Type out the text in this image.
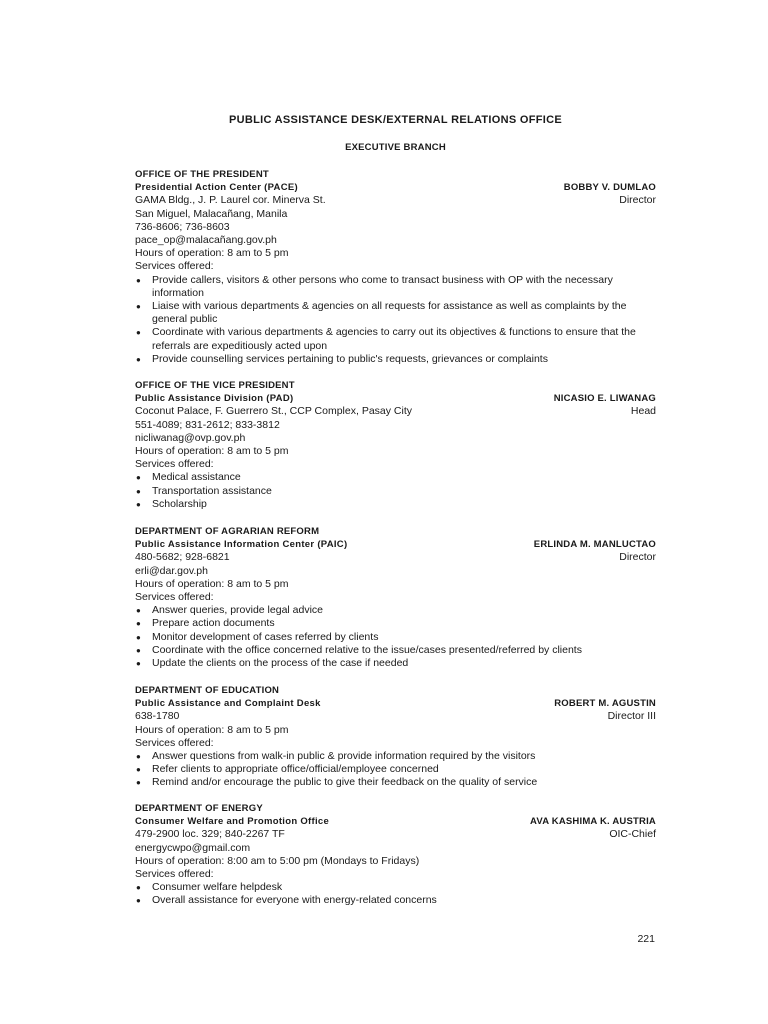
PUBLIC ASSISTANCE DESK/EXTERNAL RELATIONS OFFICE
EXECUTIVE BRANCH
OFFICE OF THE PRESIDENT
Presidential Action Center (PACE)	BOBBY V. DUMLAO
GAMA Bldg., J. P. Laurel cor. Minerva St.	Director
San Miguel, Malacañang, Manila
736-8606; 736-8603
pace_op@malacañang.gov.ph
Hours of operation: 8 am to 5 pm
Services offered:
● Provide callers, visitors & other persons who come to transact business with OP with the necessary information
● Liaise with various departments & agencies on all requests for assistance as well as complaints by the general public
● Coordinate with various departments & agencies to carry out its objectives & functions to ensure that the referrals are expeditiously acted upon
● Provide counselling services pertaining to public's requests, grievances or complaints
OFFICE OF THE VICE PRESIDENT
Public Assistance Division (PAD)	NICASIO E. LIWANAG
Coconut Palace, F. Guerrero St., CCP Complex, Pasay City	Head
551-4089; 831-2612; 833-3812
nicliwanag@ovp.gov.ph
Hours of operation: 8 am to 5 pm
Services offered:
● Medical assistance
● Transportation assistance
● Scholarship
DEPARTMENT OF AGRARIAN REFORM
Public Assistance Information Center (PAIC)	ERLINDA M. MANLUCTAO
480-5682; 928-6821	Director
erli@dar.gov.ph
Hours of operation: 8 am to 5 pm
Services offered:
● Answer queries, provide legal advice
● Prepare action documents
● Monitor development of cases referred by clients
● Coordinate with the office concerned relative to the issue/cases presented/referred by clients
● Update the clients on the process of the case if needed
DEPARTMENT OF EDUCATION
Public Assistance and Complaint Desk	ROBERT M. AGUSTIN
638-1780	Director III
Hours of operation: 8 am to 5 pm
Services offered:
● Answer questions from walk-in public & provide information required by the visitors
● Refer clients to appropriate office/official/employee concerned
● Remind and/or encourage the public to give their feedback on the quality of service
DEPARTMENT OF ENERGY
Consumer Welfare and Promotion Office	AVA KASHIMA K. AUSTRIA
479-2900 loc. 329; 840-2267 TF	OIC-Chief
energycwpo@gmail.com
Hours of operation: 8:00 am to 5:00 pm (Mondays to Fridays)
Services offered:
● Consumer welfare helpdesk
● Overall assistance for everyone with energy-related concerns
221
